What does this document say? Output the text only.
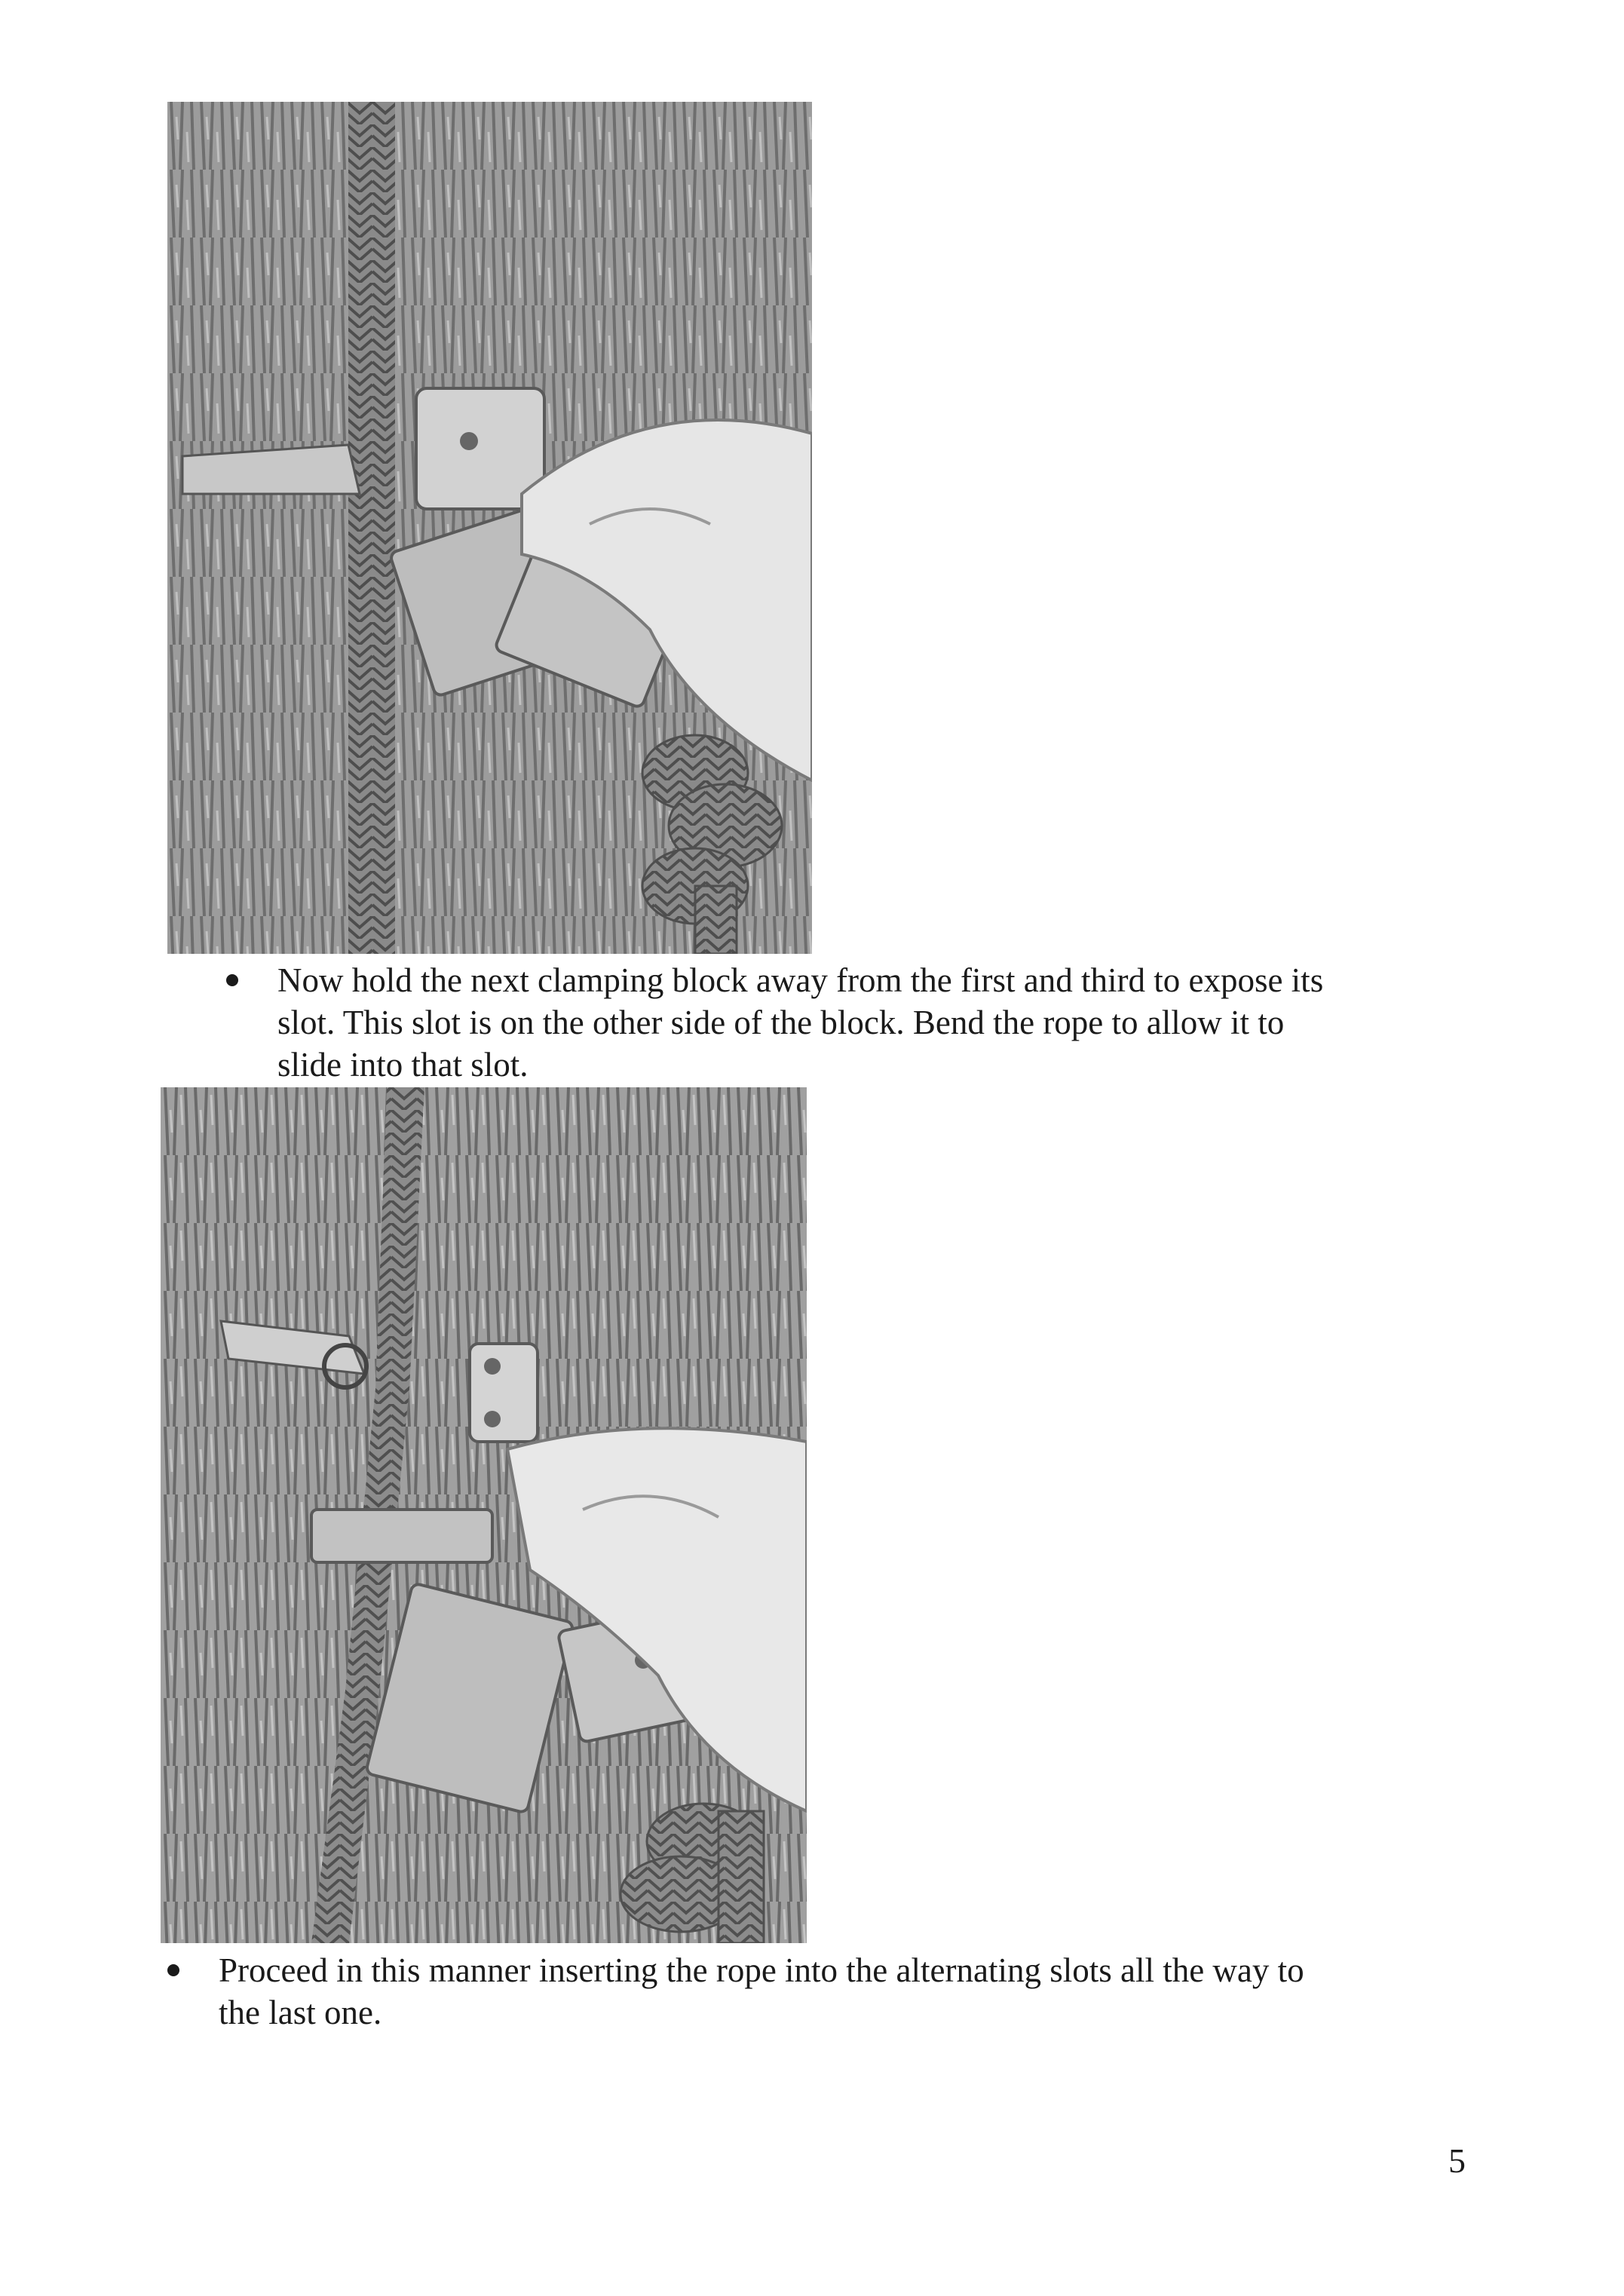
Now hold the next clamping block away from the first and third to expose its
slot. This slot is on the other side of the block. Bend the rope to allow it to
slide into that slot.
Proceed in this manner inserting the rope into the alternating slots all the way to
the last one.
5
